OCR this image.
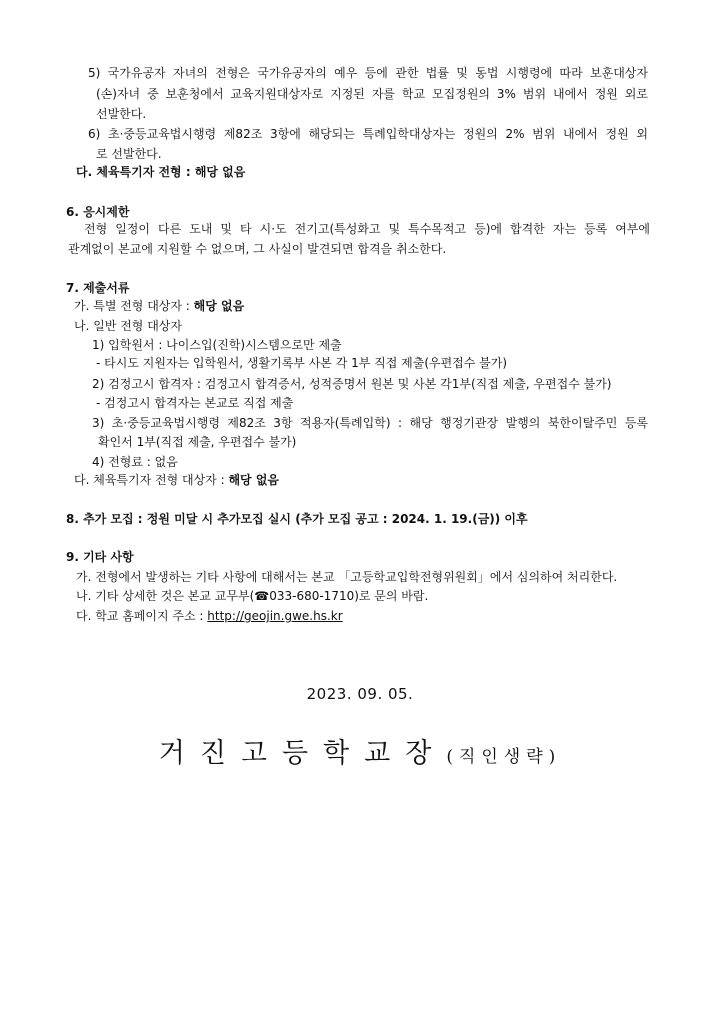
5) 국가유공자 자녀의 전형은 국가유공자의 예우 등에 관한 법률 및 동법 시행령에 따라 보훈대상자
(손)자녀 중 보훈청에서 교육지원대상자로 지정된 자를 학교 모집정원의 3% 범위 내에서 정원 외로
선발한다.
6) 초·중등교육법시행령 제82조 3항에 해당되는 특례입학대상자는 정원의 2% 범위 내에서 정원 외
로 선발한다.
다. 체육특기자 전형 : 해당 없음
6. 응시제한
전형 일정이 다른 도내 및 타 시·도 전기고(특성화고 및 특수목적고 등)에 합격한 자는 등록 여부에
관계없이 본교에 지원할 수 없으며, 그 사실이 발견되면 합격을 취소한다.
7. 제출서류
가. 특별 전형 대상자 : 해당 없음
나. 일반 전형 대상자
1) 입학원서 : 나이스입(진학)시스템으로만 제출
- 타시도 지원자는 입학원서, 생활기록부 사본 각 1부 직접 제출(우편접수 불가)
2) 검정고시 합격자 : 검정고시 합격증서, 성적증명서 원본 및 사본 각1부(직접 제출, 우편접수 불가)
- 검정고시 합격자는 본교로 직접 제출
3) 초·중등교육법시행령 제82조 3항 적용자(특례입학) : 해당 행정기관장 발행의 북한이탈주민 등록
확인서 1부(직접 제출, 우편접수 불가)
4) 전형료 : 없음
다. 체육특기자 전형 대상자 : 해당 없음
8. 추가 모집 : 정원 미달 시 추가모집 실시 (추가 모집 공고 : 2024. 1. 19.(금)) 이후
9. 기타 사항
가. 전형에서 발생하는 기타 사항에 대해서는 본교 「고등학교입학전형위원회」에서 심의하여 처리한다.
나. 기타 상세한 것은 본교 교무부(☎033-680-1710)로 문의 바람.
다. 학교 홈페이지 주소 : http://geojin.gwe.hs.kr
2023. 09. 05.
거진고등학교장(직인생략)
